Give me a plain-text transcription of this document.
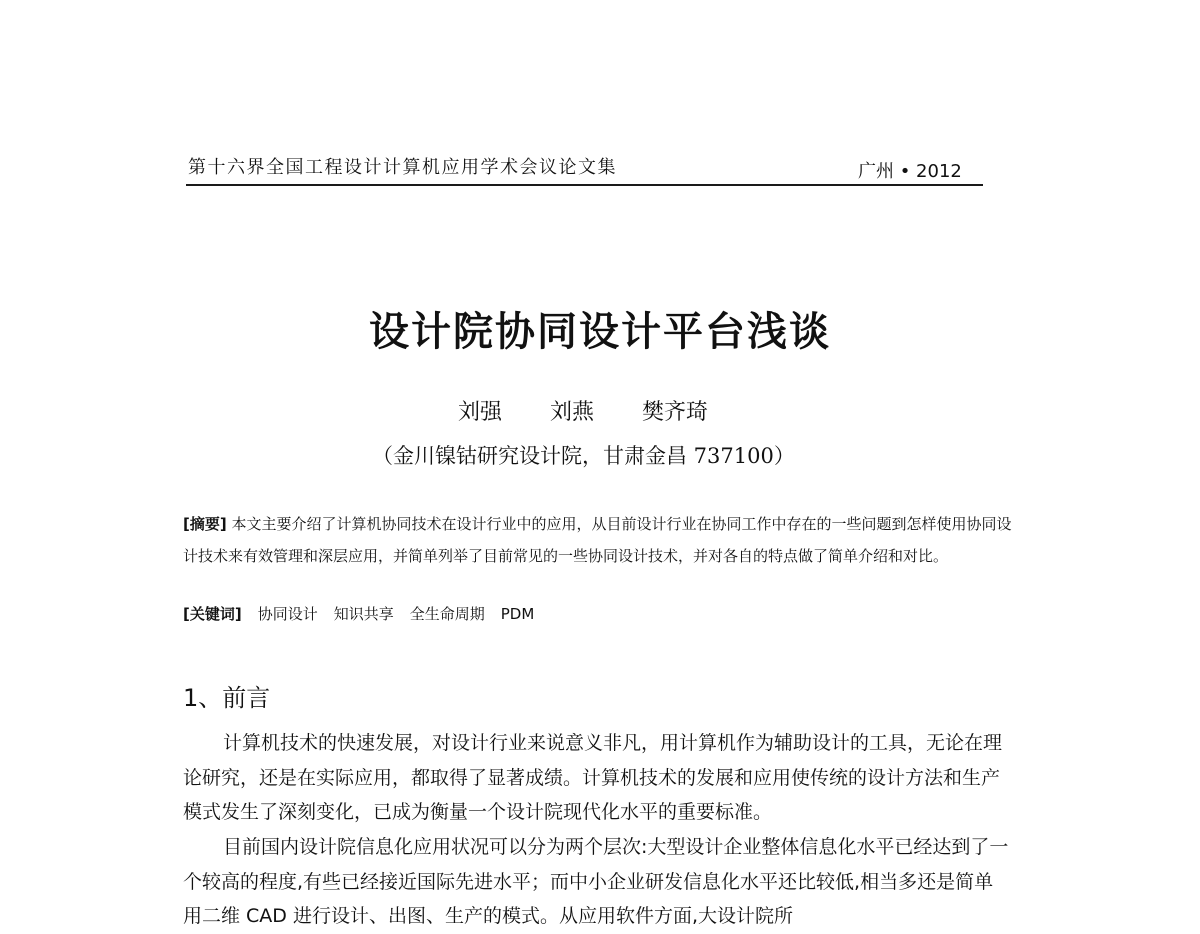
第十六界全国工程设计计算机应用学术会议论文集	广州 • 2012
设计院协同设计平台浅谈
刘强 刘燕 樊齐琦
（金川镍钴研究设计院，甘肃金昌 737100）
[摘要] 本文主要介绍了计算机协同技术在设计行业中的应用，从目前设计行业在协同工作中存在的一些问题到怎样使用协同设计技术来有效管理和深层应用，并简单列举了目前常见的一些协同设计技术，并对各自的特点做了简单介绍和对比。
[关键词] 协同设计 知识共享 全生命周期 PDM
1、前言
计算机技术的快速发展，对设计行业来说意义非凡，用计算机作为辅助设计的工具，无论在理论研究，还是在实际应用，都取得了显著成绩。计算机技术的发展和应用使传统的设计方法和生产模式发生了深刻变化，已成为衡量一个设计院现代化水平的重要标准。
目前国内设计院信息化应用状况可以分为两个层次:大型设计企业整体信息化水平已经达到了一个较高的程度,有些已经接近国际先进水平；而中小企业研发信息化水平还比较低,相当多还是简单用二维 CAD 进行设计、出图、生产的模式。从应用软件方面,大设计院所
